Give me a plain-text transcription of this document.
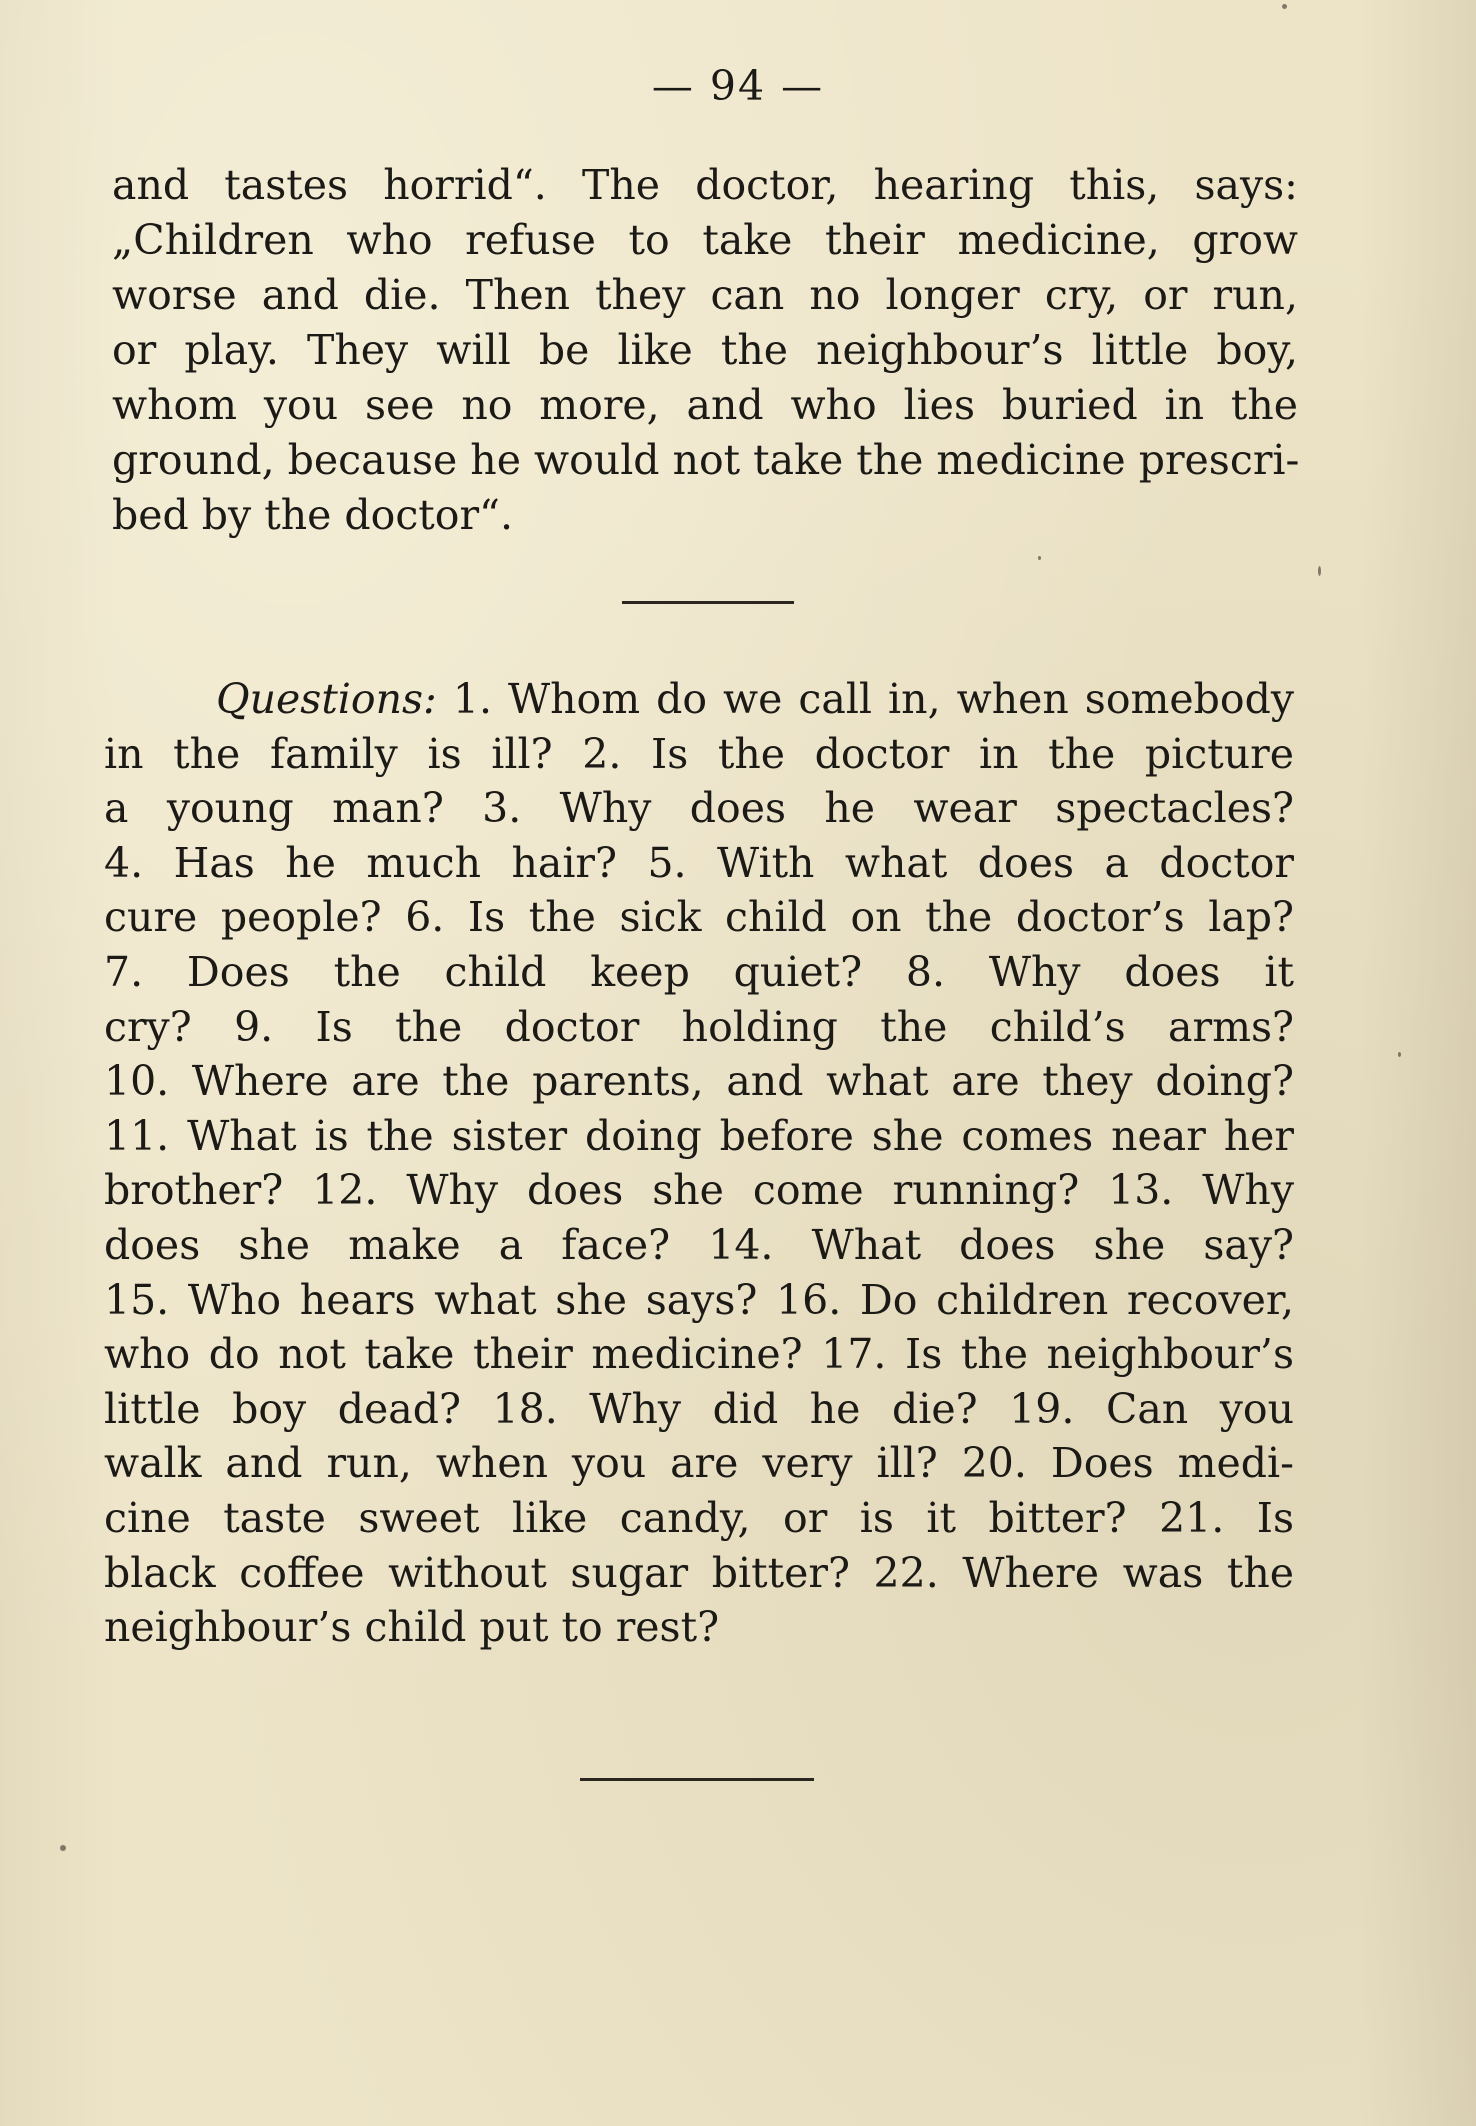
— 94 —
and tastes horrid“. The doctor, hearing this, says:
„Children who refuse to take their medicine, grow
worse and die. Then they can no longer cry, or run,
or play. They will be like the neighbour’s little boy,
whom you see no more, and who lies buried in the
ground, because he would not take the medicine prescri-
bed by the doctor“.
Questions: 1. Whom do we call in, when somebody
in the family is ill? 2. Is the doctor in the picture
a young man? 3. Why does he wear spectacles?
4. Has he much hair? 5. With what does a doctor
cure people? 6. Is the sick child on the doctor’s lap?
7. Does the child keep quiet? 8. Why does it
cry? 9. Is the doctor holding the child’s arms?
10. Where are the parents, and what are they doing?
11. What is the sister doing before she comes near her
brother? 12. Why does she come running? 13. Why
does she make a face? 14. What does she say?
15. Who hears what she says? 16. Do children recover,
who do not take their medicine? 17. Is the neighbour’s
little boy dead? 18. Why did he die? 19. Can you
walk and run, when you are very ill? 20. Does medi-
cine taste sweet like candy, or is it bitter? 21. Is
black coffee without sugar bitter? 22. Where was the
neighbour’s child put to rest?
